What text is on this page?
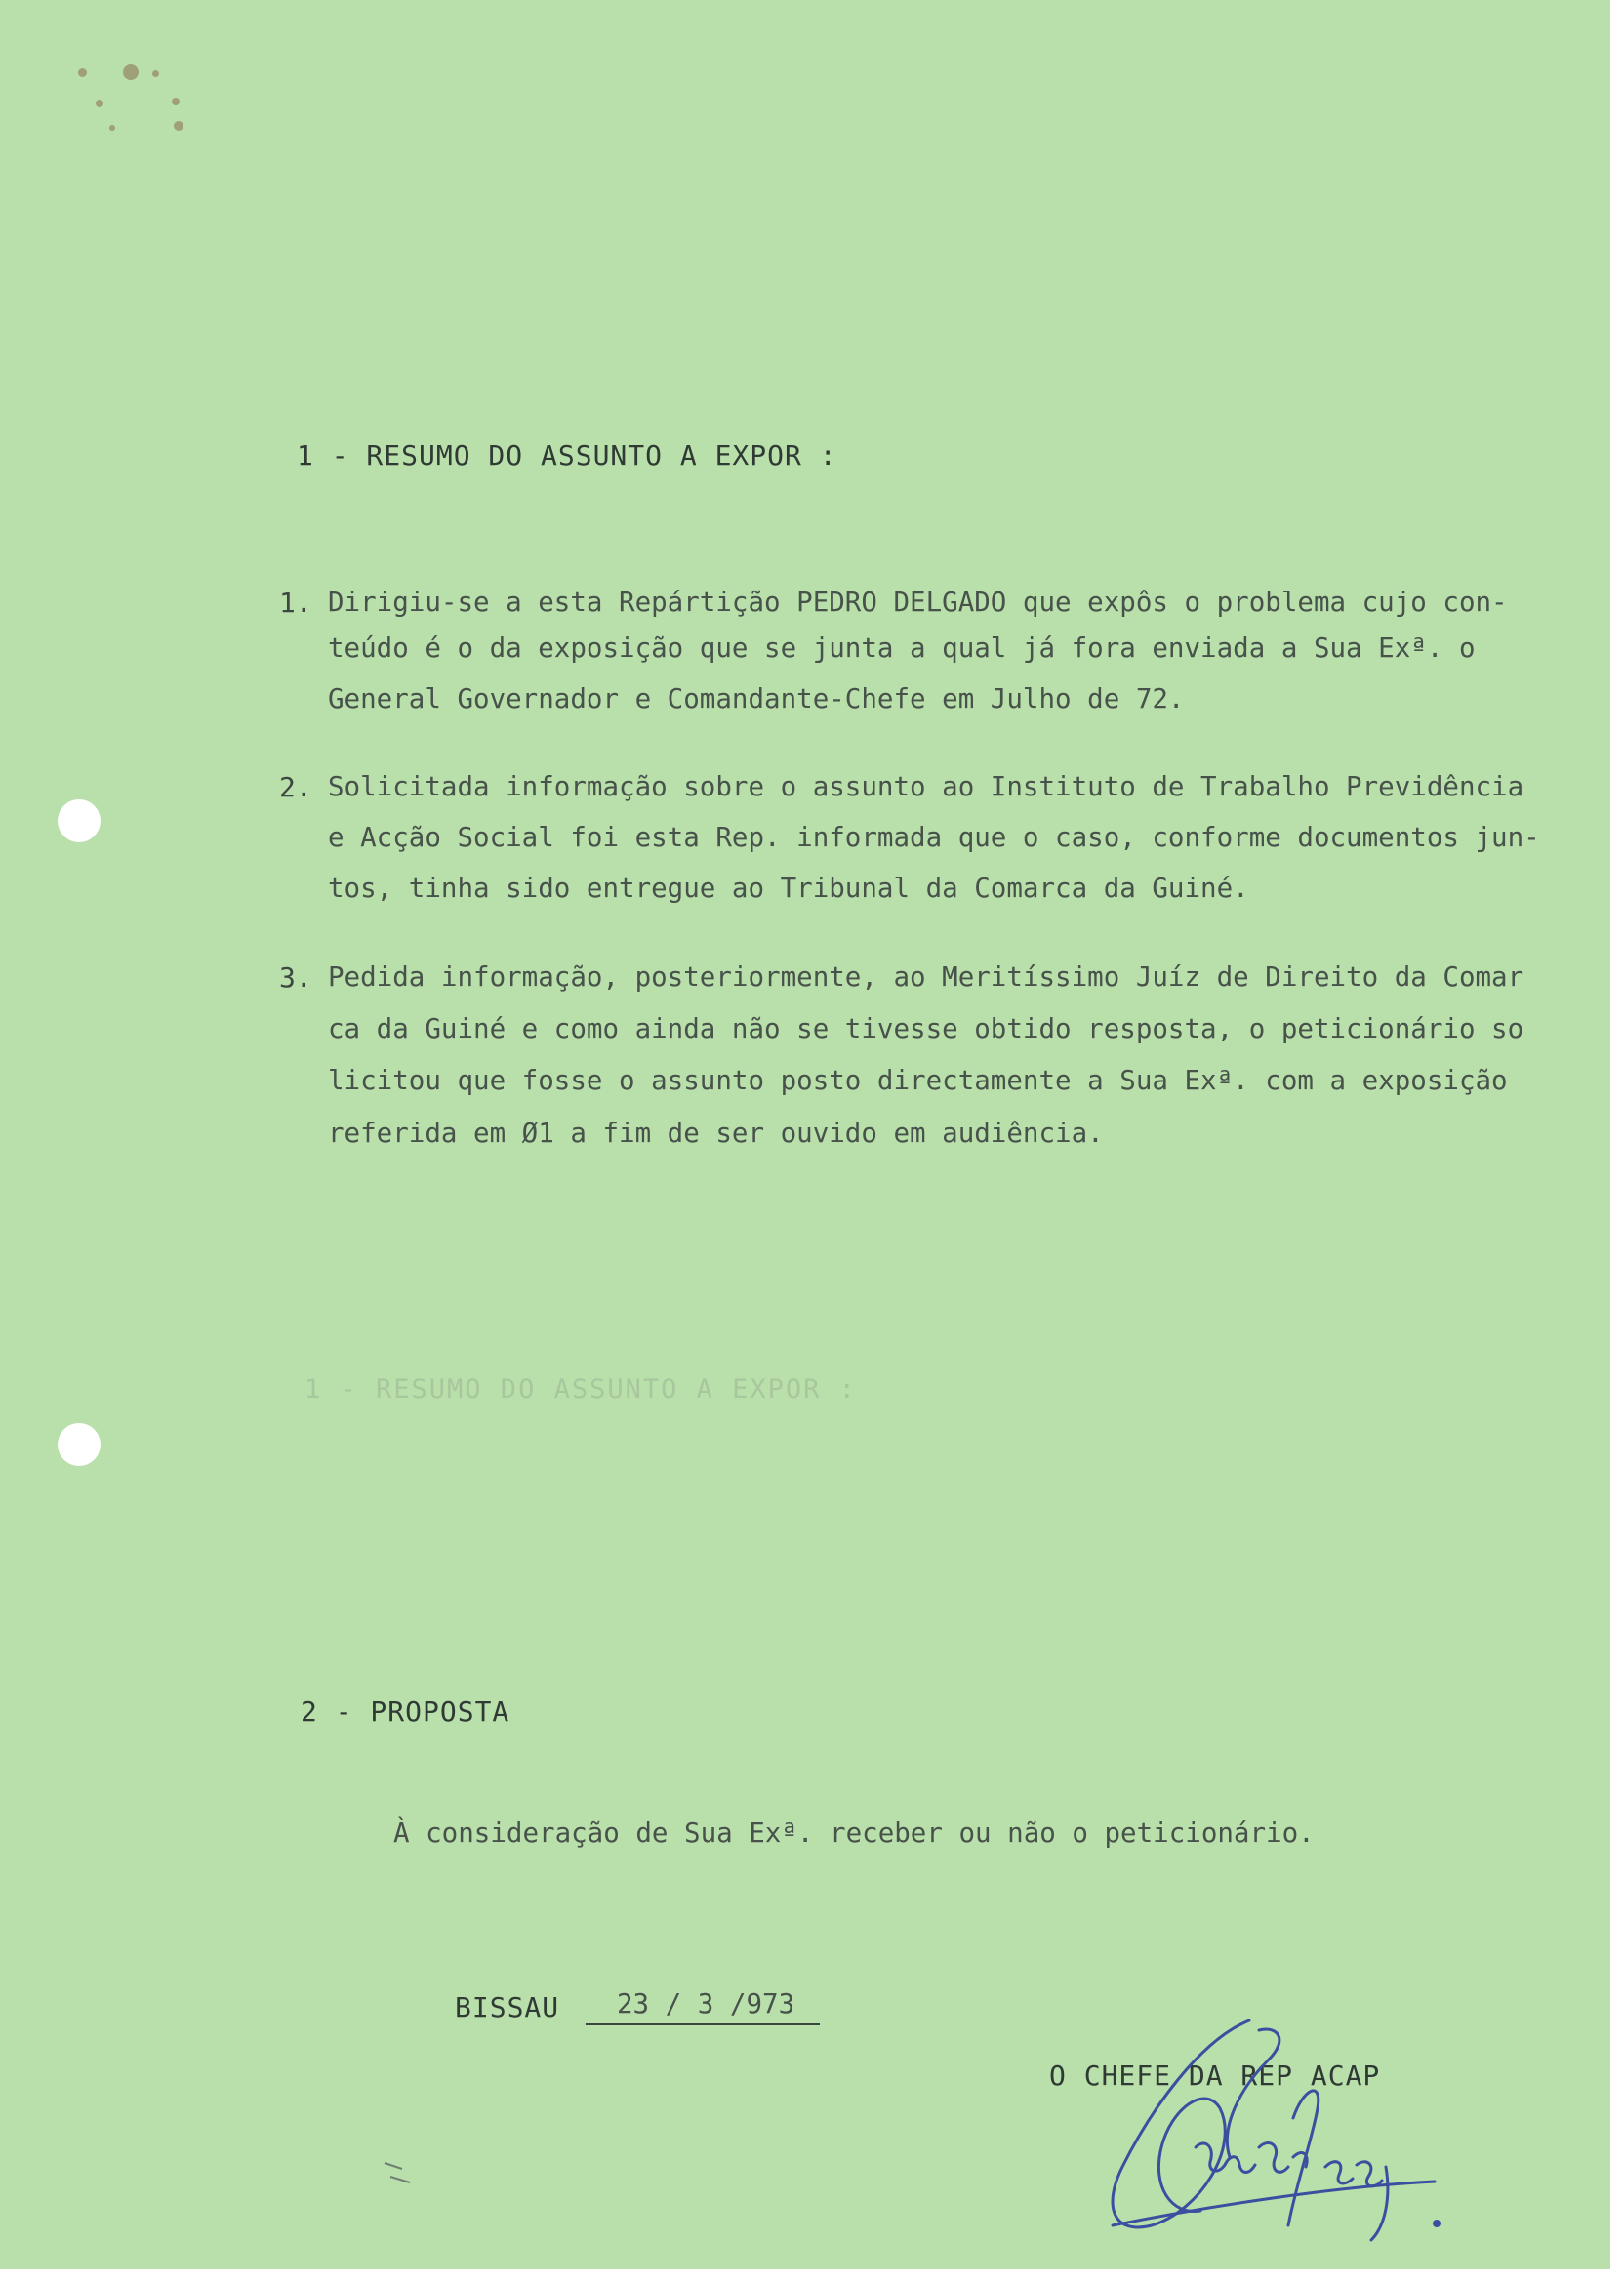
1 - RESUMO DO ASSUNTO A EXPOR :
1. Dirigiu-se a esta Repártição PEDRO DELGADO que expôs o problema cujo con-
teúdo é o da exposição que se junta a qual já fora enviada a Sua Exª. o
General Governador e Comandante-Chefe em Julho de 72.
2. Solicitada informação sobre o assunto ao Instituto de Trabalho Previdência
e Acção Social foi esta Rep. informada que o caso, conforme documentos jun-
tos, tinha sido entregue ao Tribunal da Comarca da Guiné.
3. Pedida informação, posteriormente, ao Meritíssimo Juíz de Direito da Comar
ca da Guiné e como ainda não se tivesse obtido resposta, o peticionário so
licitou que fosse o assunto posto directamente a Sua Exª. com a exposição
referida em Ø1 a fim de ser ouvido em audiência.
1 - RESUMO DO ASSUNTO A EXPOR :
2 - PROPOSTA
À consideração de Sua Exª. receber ou não o peticionário.
BISSAU 23 / 3 /973
O CHEFE DA REP ACAP
